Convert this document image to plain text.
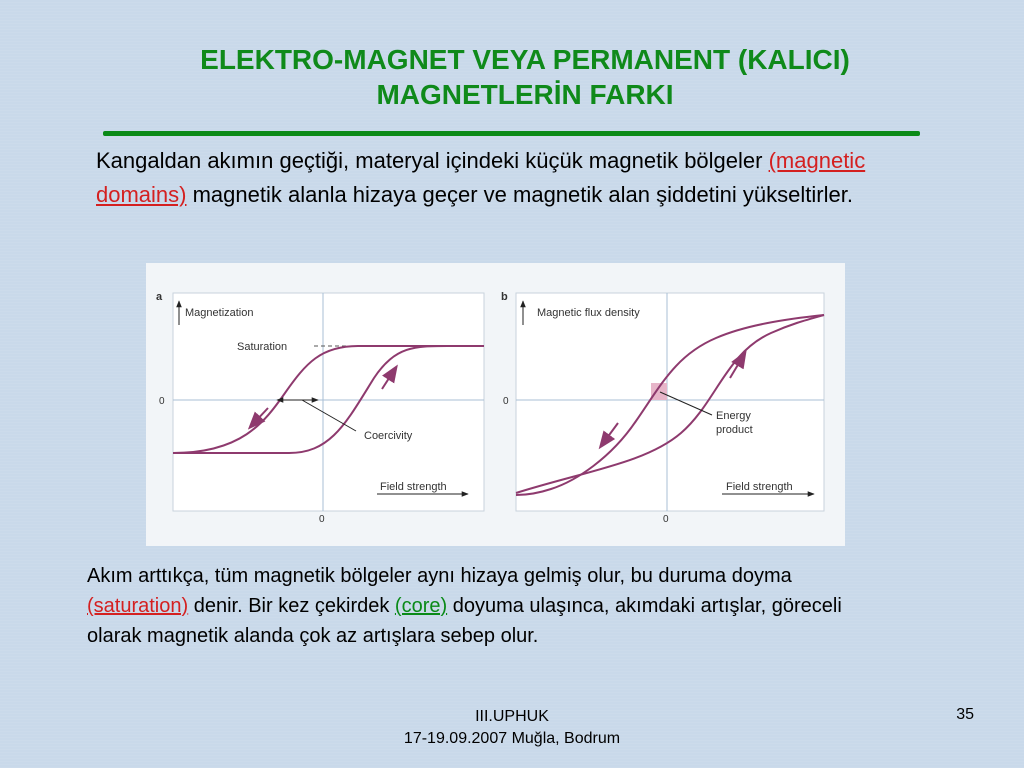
ELEKTRO-MAGNET VEYA PERMANENT (KALICI)
MAGNETLERİN FARKI

Kangaldan akımın geçtiği, materyal içindeki küçük magnetik bölgeler (magnetic domains) magnetik alanla hizaya geçer ve magnetik alan şiddetini yükseltirler.

a
Magnetization
Field strength
0
0
Saturation
Coercivity
b
Magnetic flux density
Field strength
0
0
Energy
product

Akım arttıkça, tüm magnetik bölgeler aynı hizaya gelmiş olur, bu duruma doyma (saturation) denir. Bir kez çekirdek (core) doyuma ulaşınca, akımdaki artışlar, göreceli olarak magnetik alanda çok az artışlara sebep olur.

III.UPHUK
17-19.09.2007 Muğla, Bodrum
35
